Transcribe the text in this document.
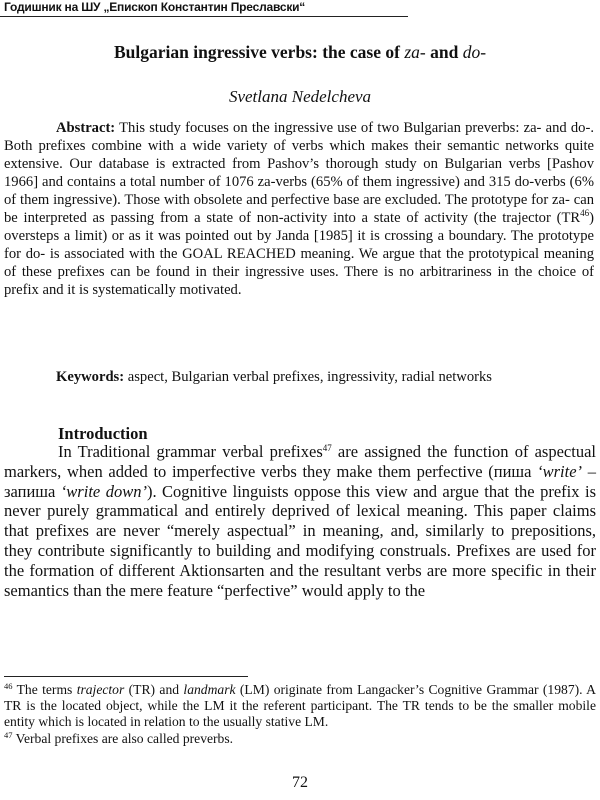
Годишник на ШУ „Епископ Константин Преславски“
Bulgarian ingressive verbs: the case of za- and do-
Svetlana Nedelcheva

Abstract: This study focuses on the ingressive use of two Bulgarian preverbs: za- and do-. Both prefixes combine with a wide variety of verbs which makes their semantic networks quite extensive. Our database is extracted from Pashov’s thorough study on Bulgarian verbs [Pashov 1966] and contains a total number of 1076 za-verbs (65% of them ingressive) and 315 do-verbs (6% of them ingressive). Those with obsolete and perfective base are excluded. The prototype for za- can be interpreted as passing from a state of non-activity into a state of activity (the trajector (TR$^{46}$) oversteps a limit) or as it was pointed out by Janda [1985] it is crossing a boundary. The prototype for do- is associated with the GOAL REACHED meaning. We argue that the prototypical meaning of these prefixes can be found in their ingressive uses. There is no arbitrariness in the choice of prefix and it is systematically motivated.

Keywords: aspect, Bulgarian verbal prefixes, ingressivity, radial networks

Introduction

In Traditional grammar verbal prefixes$^{47}$ are assigned the function of aspectual markers, when added to imperfective verbs they make them perfective (пиша ‘write’ – запиша ‘write down’). Cognitive linguists oppose this view and argue that the prefix is never purely grammatical and entirely deprived of lexical meaning. This paper claims that prefixes are never “merely aspectual” in meaning, and, similarly to prepositions, they contribute significantly to building and modifying construals. Prefixes are used for the formation of different Aktionsarten and the resultant verbs are more specific in their semantics than the mere feature “perfective” would apply to the

$^{46}$ The terms trajector (TR) and landmark (LM) originate from Langacker’s Cognitive Grammar (1987). A TR is the located object, while the LM it the referent participant. The TR tends to be the smaller mobile entity which is located in relation to the usually stative LM.

$^{47}$ Verbal prefixes are also called preverbs.

72
